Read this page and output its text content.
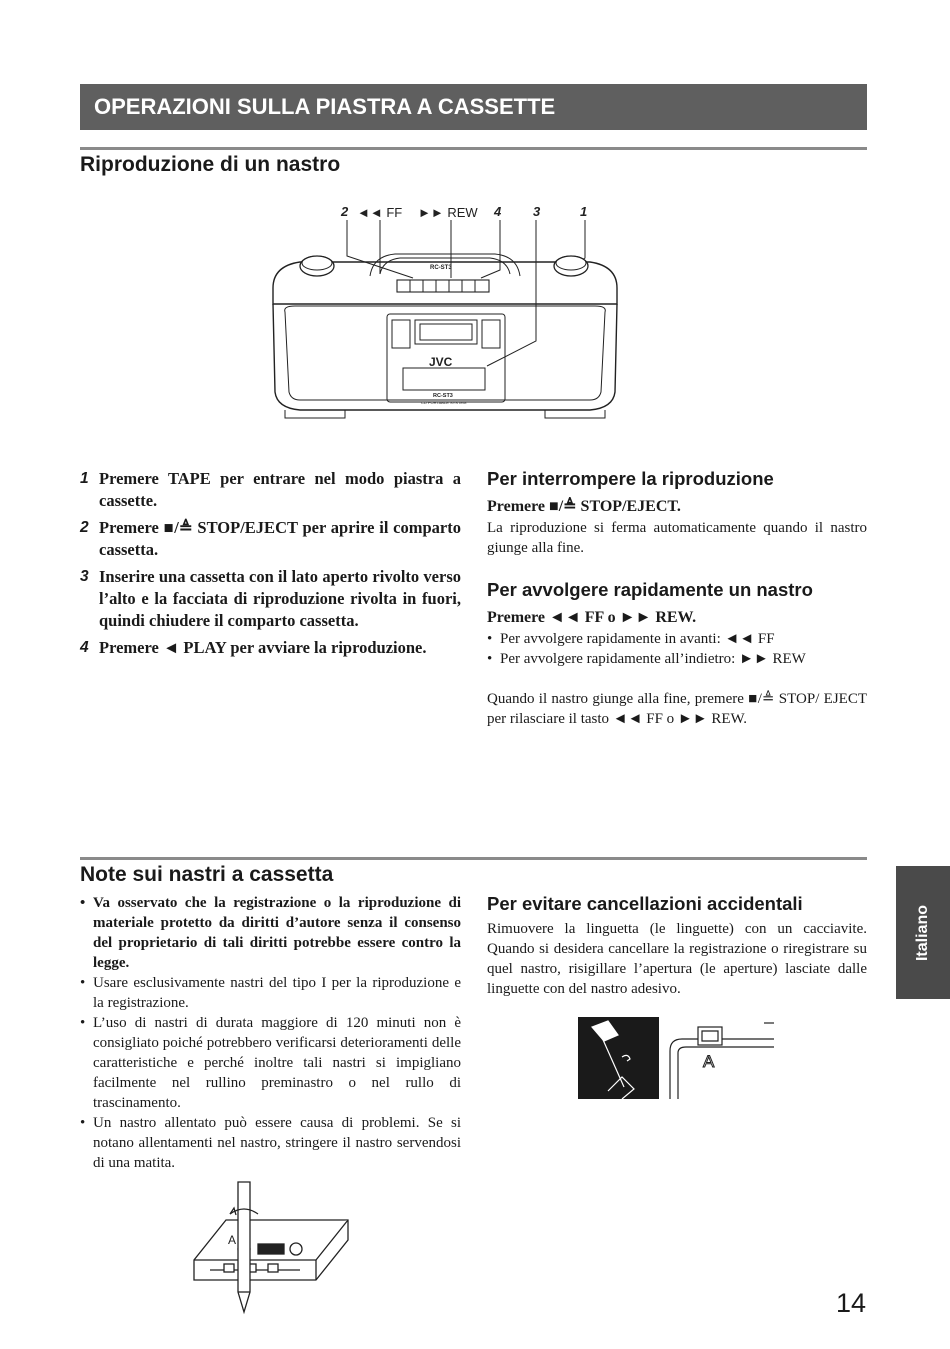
OPERAZIONI SULLA PIASTRA A CASSETTE
Riproduzione di un nastro
2 ◄◄ FF ►► REW 4 3	1
JVC
RC-ST3
CD PORTABLE SYSTEM
RC-ST3
1 Premere TAPE per entrare nel modo piastra a cassette.
2 Premere ■/≜ STOP/EJECT per aprire il comparto cassetta.
3 Inserire una cassetta con il lato aperto rivolto verso l’alto e la facciata di riproduzione rivolta in fuori, quindi chiudere il comparto cassetta.
4 Premere ◄ PLAY per avviare la riproduzione.
Per interrompere la riproduzione
Premere ■/≜ STOP/EJECT.
La riproduzione si ferma automaticamente quando il nastro giunge alla fine.
Per avvolgere rapidamente un nastro
Premere ◄◄ FF o ►► REW.
• Per avvolgere rapidamente in avanti: ◄◄ FF
• Per avvolgere rapidamente all’indietro: ►► REW
Quando il nastro giunge alla fine, premere ■/≜ STOP/ EJECT per rilasciare il tasto ◄◄ FF o ►► REW.
Note sui nastri a cassetta
• Va osservato che la registrazione o la riproduzione di materiale protetto da diritti d’autore senza il consenso del proprietario di tali diritti potrebbe essere contro la legge.
• Usare esclusivamente nastri del tipo I per la riproduzione e la registrazione.
• L’uso di nastri di durata maggiore di 120 minuti non è consigliato poiché potrebbero verificarsi deterioramenti delle caratteristiche e perché inoltre tali nastri si impigliano facilmente nel rullino preminastro o nel rullo di trascinamento.
• Un nastro allentato può essere causa di problemi. Se si notano allentamenti nel nastro, stringere il nastro servendosi di una matita.
Per evitare cancellazioni accidentali
Rimuovere la linguetta (le linguette) con un cacciavite. Quando si desidera cancellare la registrazione o riregistrare su quel nastro, risigillare l’apertura (le aperture) lasciate dalle linguette con del nastro adesivo.
A
A
Italiano
14
